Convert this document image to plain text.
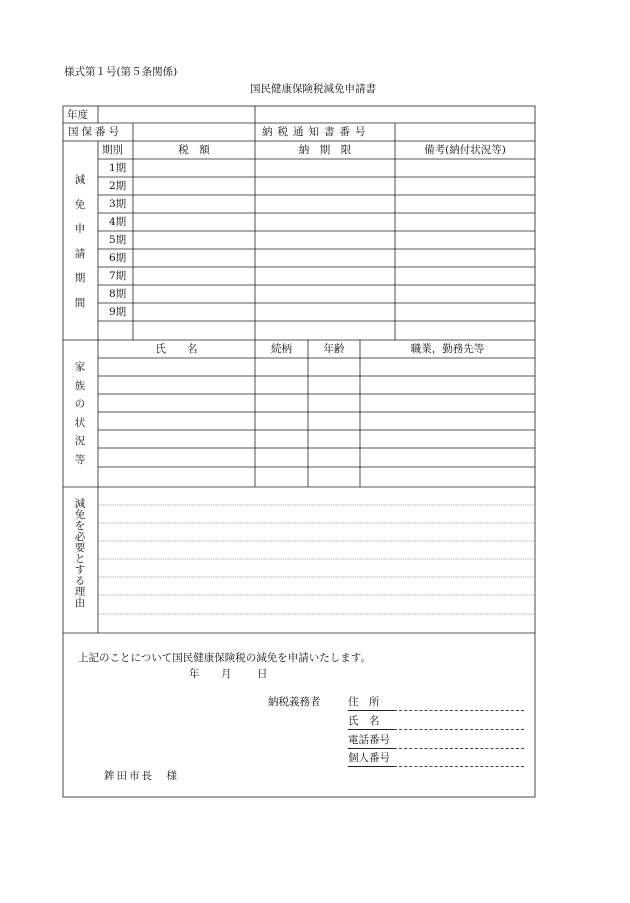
様式第１号(第５条関係)
国民健康保険税減免申請書
年度
国保番号	納税通知書番号
減
免
申
請
期
間
期別	税　額	納　期　限	備考(納付状況等)
1期
2期
3期
4期
5期
6期
7期
8期
9期
家
族
の
状
況
等
氏　　名	続柄	年齢	職業，勤務先等
減
免
を
必
要
と
す
る
理
由
上記のことについて国民健康保険税の減免を申請いたします。
年 月 日
納税義務者	住　所
氏　名
電話番号
個人番号
鉾田市長　様
